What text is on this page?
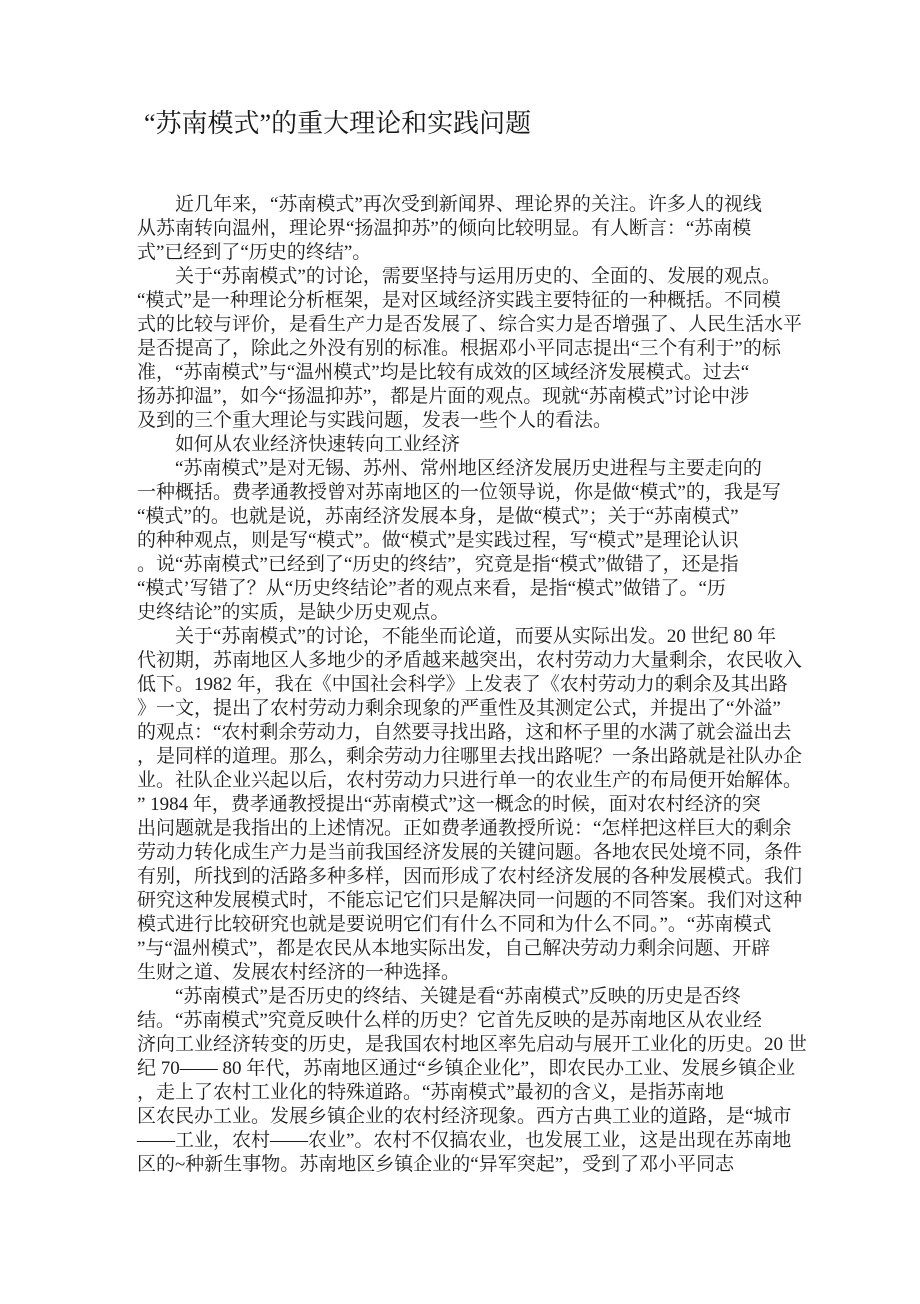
“苏南模式”的重大理论和实践问题
近几年来，“苏南模式”再次受到新闻界、理论界的关注。许多人的视线
从苏南转向温州，理论界“扬温抑苏”的倾向比较明显。有人断言：“苏南模
式”已经到了“历史的终结”。
关于“苏南模式”的讨论，需要坚持与运用历史的、全面的、发展的观点。
“模式”是一种理论分析框架，是对区域经济实践主要特征的一种概括。不同模
式的比较与评价，是看生产力是否发展了、综合实力是否增强了、人民生活水平
是否提高了，除此之外没有别的标准。根据邓小平同志提出“三个有利于”的标
准，“苏南模式”与“温州模式”均是比较有成效的区域经济发展模式。过去“
扬苏抑温”，如今“扬温抑苏”，都是片面的观点。现就“苏南模式”讨论中涉
及到的三个重大理论与实践问题，发表一些个人的看法。
如何从农业经济快速转向工业经济
“苏南模式”是对无锡、苏州、常州地区经济发展历史进程与主要走向的
一种概括。费孝通教授曾对苏南地区的一位领导说，你是做“模式”的，我是写
“模式”的。也就是说，苏南经济发展本身，是做“模式”；关于“苏南模式”
的种种观点，则是写“模式”。做“模式”是实践过程，写“模式”是理论认识
。说“苏南模式”已经到了“历史的终结”，究竟是指“模式”做错了，还是指
“模式’写错了？从“历史终结论”者的观点来看，是指“模式”做错了。“历
史终结论”的实质，是缺少历史观点。
关于“苏南模式”的讨论，不能坐而论道，而要从实际出发。20 世纪 80 年
代初期，苏南地区人多地少的矛盾越来越突出，农村劳动力大量剩余，农民收入
低下。1982 年，我在《中国社会科学》上发表了《农村劳动力的剩余及其出路
》一文，提出了农村劳动力剩余现象的严重性及其测定公式，并提出了“外溢”
的观点：“农村剩余劳动力，自然要寻找出路，这和杯子里的水满了就会溢出去
，是同样的道理。那么，剩余劳动力往哪里去找出路呢？一条出路就是社队办企
业。社队企业兴起以后，农村劳动力只进行单一的农业生产的布局便开始解体。
” 1984 年，费孝通教授提出“苏南模式”这一概念的时候，面对农村经济的突
出问题就是我指出的上述情况。正如费孝通教授所说：“怎样把这样巨大的剩余
劳动力转化成生产力是当前我国经济发展的关键问题。各地农民处境不同，条件
有别，所找到的活路多种多样，因而形成了农村经济发展的各种发展模式。我们
研究这种发展模式时，不能忘记它们只是解决同一问题的不同答案。我们对这种
模式进行比较研究也就是要说明它们有什么不同和为什么不同。”。“苏南模式
”与“温州模式”，都是农民从本地实际出发，自己解决劳动力剩余问题、开辟
生财之道、发展农村经济的一种选择。
“苏南模式”是否历史的终结、关键是看“苏南模式”反映的历史是否终
结。“苏南模式”究竟反映什么样的历史？它首先反映的是苏南地区从农业经
济向工业经济转变的历史，是我国农村地区率先启动与展开工业化的历史。20 世
纪 70—— 80 年代，苏南地区通过“乡镇企业化”，即农民办工业、发展乡镇企业
，走上了农村工业化的特殊道路。“苏南模式”最初的含义，是指苏南地
区农民办工业。发展乡镇企业的农村经济现象。西方古典工业的道路，是“城市
——工业，农村——农业”。农村不仅搞农业，也发展工业，这是出现在苏南地
区的~种新生事物。苏南地区乡镇企业的“异军突起”，受到了邓小平同志
